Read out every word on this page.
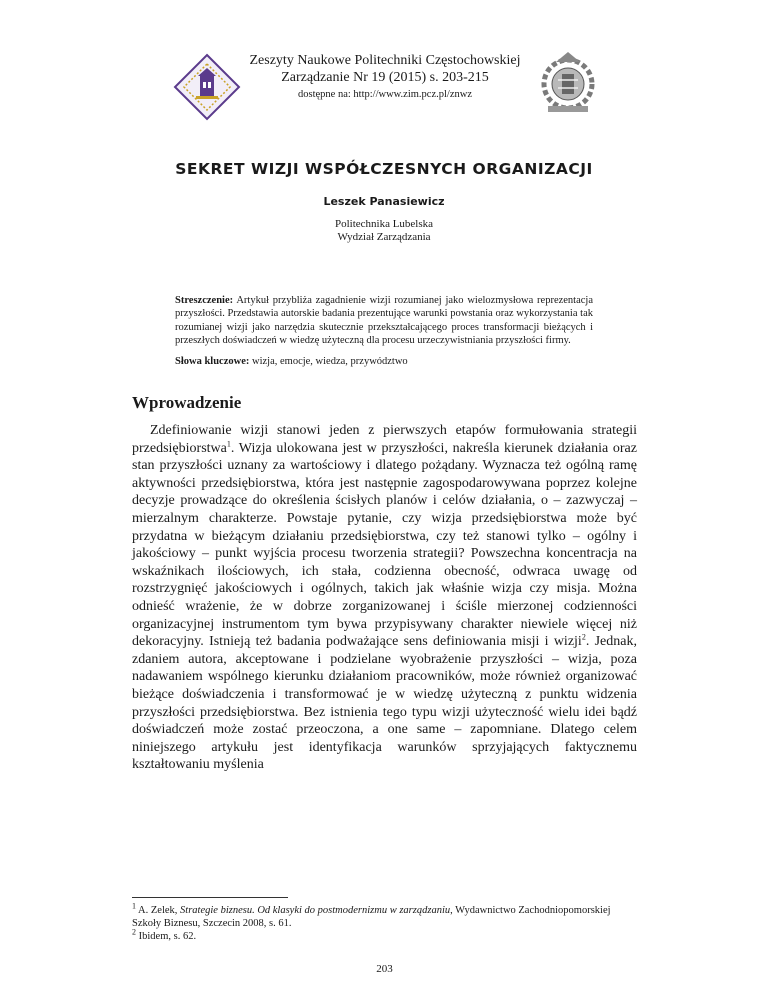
Zeszyty Naukowe Politechniki Częstochowskiej
Zarządzanie Nr 19 (2015) s. 203-215
dostępne na: http://www.zim.pcz.pl/znwz
SEKRET WIZJI WSPÓŁCZESNYCH ORGANIZACJI
Leszek Panasiewicz
Politechnika Lubelska
Wydział Zarządzania
Streszczenie: Artykuł przybliża zagadnienie wizji rozumianej jako wielozmysłowa reprezentacja przyszłości. Przedstawia autorskie badania prezentujące warunki powstania oraz wykorzystania tak rozumianej wizji jako narzędzia skutecznie przekształcającego proces transformacji bieżących i przeszłych doświadczeń w wiedzę użyteczną dla procesu urzeczywistniania przyszłości firmy.
Słowa kluczowe: wizja, emocje, wiedza, przywództwo
Wprowadzenie

Zdefiniowanie wizji stanowi jeden z pierwszych etapów formułowania strategii przedsiębiorstwa$^1$. Wizja ulokowana jest w przyszłości, nakreśla kierunek działania oraz stan przyszłości uznany za wartościowy i dlatego pożądany. Wyznacza też ogólną ramę aktywności przedsiębiorstwa, która jest następnie zagospodarowywana poprzez kolejne decyzje prowadzące do określenia ścisłych planów i celów działania, o – zazwyczaj – mierzalnym charakterze. Powstaje pytanie, czy wizja przedsiębiorstwa może być przydatna w bieżącym działaniu przedsiębiorstwa, czy też stanowi tylko – ogólny i jakościowy – punkt wyjścia procesu tworzenia strategii? Powszechna koncentracja na wskaźnikach ilościowych, ich stała, codzienna obecność, odwraca uwagę od rozstrzygnięć jakościowych i ogólnych, takich jak właśnie wizja czy misja. Można odnieść wrażenie, że w dobrze zorganizowanej i ściśle mierzonej codzienności organizacyjnej instrumentom tym bywa przypisywany charakter niewiele więcej niż dekoracyjny. Istnieją też badania podważające sens definiowania misji i wizji$^2$. Jednak, zdaniem autora, akceptowane i podzielane wyobrażenie przyszłości – wizja, poza nadawaniem wspólnego kierunku działaniom pracowników, może również organizować bieżące doświadczenia i transformować je w wiedzę użyteczną z punktu widzenia przyszłości przedsiębiorstwa. Bez istnienia tego typu wizji użyteczność wielu idei bądź doświadczeń może zostać przeoczona, a one same – zapomniane. Dlatego celem niniejszego artykułu jest identyfikacja warunków sprzyjających faktycznemu kształtowaniu myślenia

$^1$ A. Zelek, Strategie biznesu. Od klasyki do postmodernizmu w zarządzaniu, Wydawnictwo Zachodniopomorskiej Szkoły Biznesu, Szczecin 2008, s. 61.

$^2$ Ibidem, s. 62.

203
